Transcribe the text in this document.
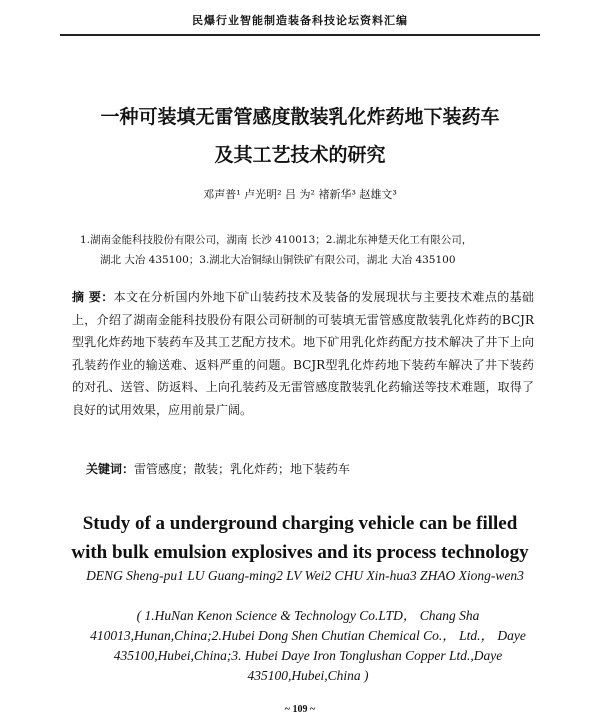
民爆行业智能制造装备科技论坛资料汇编
一种可装填无雷管感度散装乳化炸药地下装药车
及其工艺技术的研究
邓声普¹ 卢光明² 吕 为² 褚新华³ 赵雄文³
1.湖南金能科技股份有限公司，湖南 长沙 410013；2.湖北东神楚天化工有限公司，
湖北 大冶 435100；3.湖北大冶铜绿山铜铁矿有限公司，湖北 大冶 435100
摘 要：本文在分析国内外地下矿山装药技术及装备的发展现状与主要技术难点的基础上，介绍了湖南金能科技股份有限公司研制的可装填无雷管感度散装乳化炸药的BCJR型乳化炸药地下装药车及其工艺配方技术。地下矿用乳化炸药配方技术解决了井下上向孔装药作业的输送难、返料严重的问题。BCJR型乳化炸药地下装药车解决了井下装药的对孔、送管、防返料、上向孔装药及无雷管感度散装乳化药输送等技术难题，取得了良好的试用效果，应用前景广阔。
关键词：雷管感度；散装；乳化炸药；地下装药车
Study of a underground charging vehicle can be filled
with bulk emulsion explosives and its process technology
DENG Sheng-pu1 LU Guang-ming2 LV Wei2 CHU Xin-hua3 ZHAO Xiong-wen3
( 1.HuNan Kenon Science & Technology Co.LTD， Chang Sha 410013,Hunan,China;2.Hubei Dong Shen Chutian Chemical Co.， Ltd.， Daye 435100,Hubei,China;3. Hubei Daye Iron Tonglushan Copper Ltd.,Daye 435100,Hubei,China )
~ 109 ~
